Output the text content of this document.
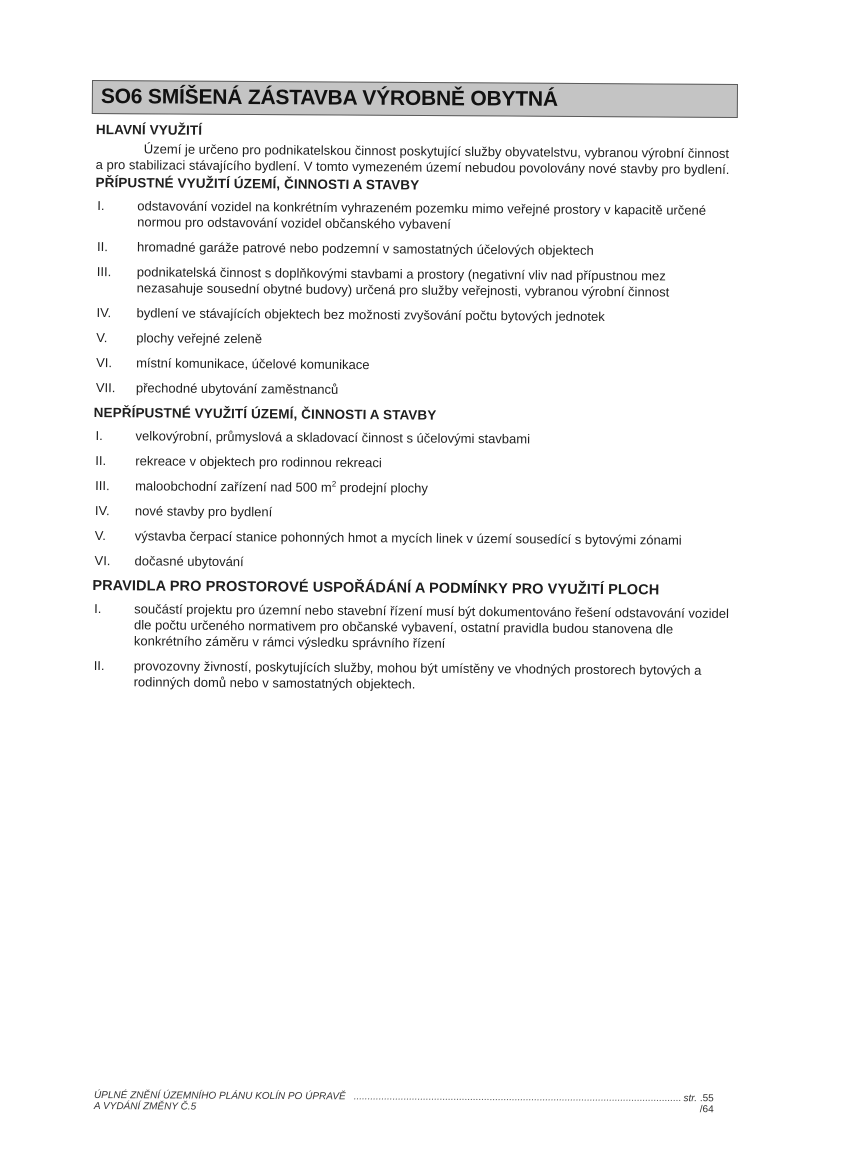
SO6 SMÍŠENÁ ZÁSTAVBA VÝROBNĚ OBYTNÁ

HLAVNÍ VYUŽITÍ

Území je určeno pro podnikatelskou činnost poskytující služby obyvatelstvu, vybranou výrobní činnost a pro stabilizaci stávajícího bydlení. V tomto vymezeném území nebudou povolovány nové stavby pro bydlení.

PŘÍPUSTNÉ VYUŽITÍ ÚZEMÍ, ČINNOSTI A STAVBY

I.	odstavování vozidel na konkrétním vyhrazeném pozemku mimo veřejné prostory v kapacitě určené normou pro odstavování vozidel občanského vybavení
II.	hromadné garáže patrové nebo podzemní v samostatných účelových objektech
III.	podnikatelská činnost s doplňkovými stavbami a prostory (negativní vliv nad přípustnou mez nezasahuje sousední obytné budovy) určená pro služby veřejnosti, vybranou výrobní činnost
IV.	bydlení ve stávajících objektech bez možnosti zvyšování počtu bytových jednotek
V.	plochy veřejné zeleně
VI.	místní komunikace, účelové komunikace
VII.	přechodné ubytování zaměstnanců

NEPŘÍPUSTNÉ VYUŽITÍ ÚZEMÍ, ČINNOSTI A STAVBY

I.	velkovýrobní, průmyslová a skladovací činnost s účelovými stavbami
II.	rekreace v objektech pro rodinnou rekreaci
III.	maloobchodní zařízení nad 500 $m^2$ prodejní plochy
IV.	nové stavby pro bydlení
V.	výstavba čerpací stanice pohonných hmot a mycích linek v území sousedící s bytovými zónami
VI.	dočasné ubytování

PRAVIDLA PRO PROSTOROVÉ USPOŘÁDÁNÍ A PODMÍNKY PRO VYUŽITÍ PLOCH

I.	součástí projektu pro územní nebo stavební řízení musí být dokumentováno řešení odstavování vozidel dle počtu určeného normativem pro občanské vybavení, ostatní pravidla budou stanovena dle konkrétního záměru v rámci výsledku správního řízení
II.	provozovny živností, poskytujících služby, mohou být umístěny ve vhodných prostorech bytových a rodinných domů nebo v samostatných objektech.
ÚPLNÉ ZNĚNÍ ÚZEMNÍHO PLÁNU KOLÍN PO ÚPRAVĚ A VYDÁNÍ ZMĚNY Č.5
...................................................................................................................... str.
.55 /64
